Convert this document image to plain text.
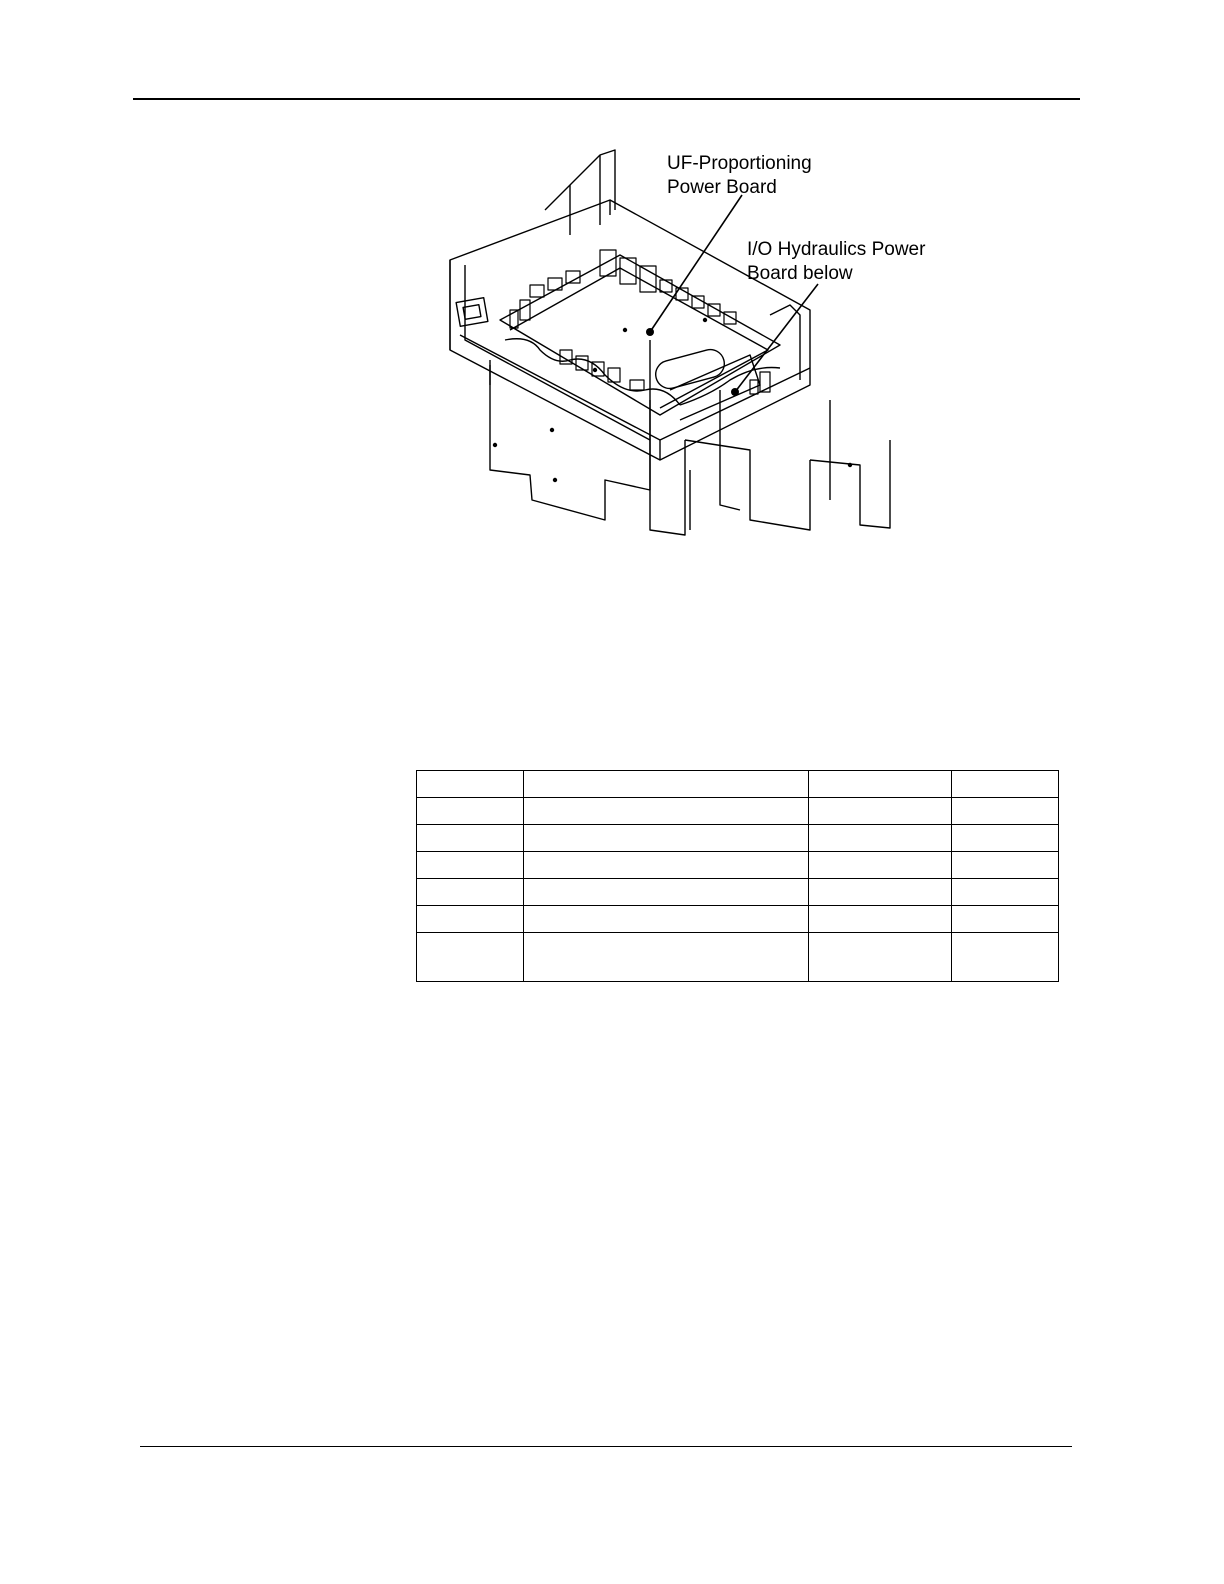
UF-Proportioning
Power Board
I/O Hydraulics Power
Board below
